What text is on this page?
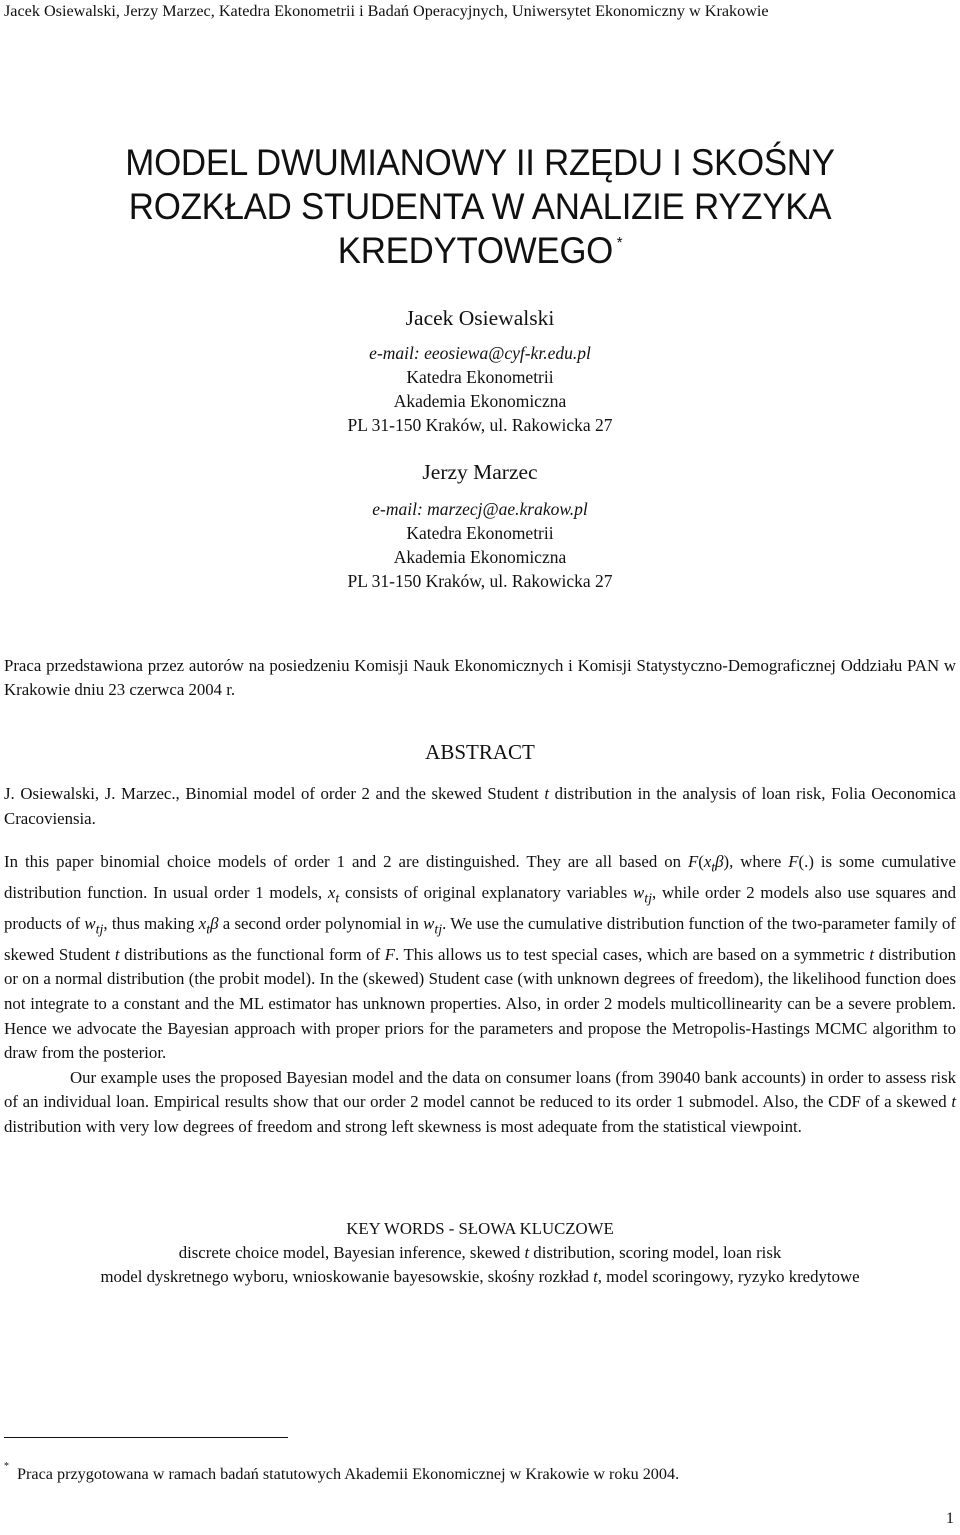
Jacek Osiewalski, Jerzy Marzec, Katedra Ekonometrii i Badań Operacyjnych, Uniwersytet Ekonomiczny w Krakowie
MODEL DWUMIANOWY II RZĘDU I SKOŚNY
ROZKŁAD STUDENTA W ANALIZIE RYZYKA
KREDYTOWEGO *
Jacek Osiewalski
e-mail: eeosiewa@cyf-kr.edu.pl
Katedra Ekonometrii
Akademia Ekonomiczna
PL 31-150 Kraków, ul. Rakowicka 27
Jerzy Marzec
e-mail: marzecj@ae.krakow.pl
Katedra Ekonometrii
Akademia Ekonomiczna
PL 31-150 Kraków, ul. Rakowicka 27
Praca przedstawiona przez autorów na posiedzeniu Komisji Nauk Ekonomicznych i Komisji Statystyczno-Demograficznej Oddziału PAN w Krakowie dniu 23 czerwca 2004 r.
ABSTRACT
J. Osiewalski, J. Marzec., Binomial model of order 2 and the skewed Student t distribution in the analysis of loan risk, Folia Oeconomica Cracoviensia.

In this paper binomial choice models of order 1 and 2 are distinguished. They are all based on $F(x_t\beta)$, where F(.) is some cumulative distribution function. In usual order 1 models, $x_t$ consists of original explanatory variables $w_{tj}$, while order 2 models also use squares and products of $w_{tj}$, thus making $x_t\beta$ a second order polynomial in $w_{tj}$. We use the cumulative distribution function of the two-parameter family of skewed Student t distributions as the functional form of F. This allows us to test special cases, which are based on a symmetric t distribution or on a normal distribution (the probit model). In the (skewed) Student case (with unknown degrees of freedom), the likelihood function does not integrate to a constant and the ML estimator has unknown properties. Also, in order 2 models multicollinearity can be a severe problem. Hence we advocate the Bayesian approach with proper priors for the parameters and propose the Metropolis-Hastings MCMC algorithm to draw from the posterior.

Our example uses the proposed Bayesian model and the data on consumer loans (from 39040 bank accounts) in order to assess risk of an individual loan. Empirical results show that our order 2 model cannot be reduced to its order 1 submodel. Also, the CDF of a skewed t distribution with very low degrees of freedom and strong left skewness is most adequate from the statistical viewpoint.

KEY WORDS - SŁOWA KLUCZOWE
discrete choice model, Bayesian inference, skewed t distribution, scoring model, loan risk
model dyskretnego wyboru, wnioskowanie bayesowskie, skośny rozkład t, model scoringowy, ryzyko kredytowe
* Praca przygotowana w ramach badań statutowych Akademii Ekonomicznej w Krakowie w roku 2004.
1
